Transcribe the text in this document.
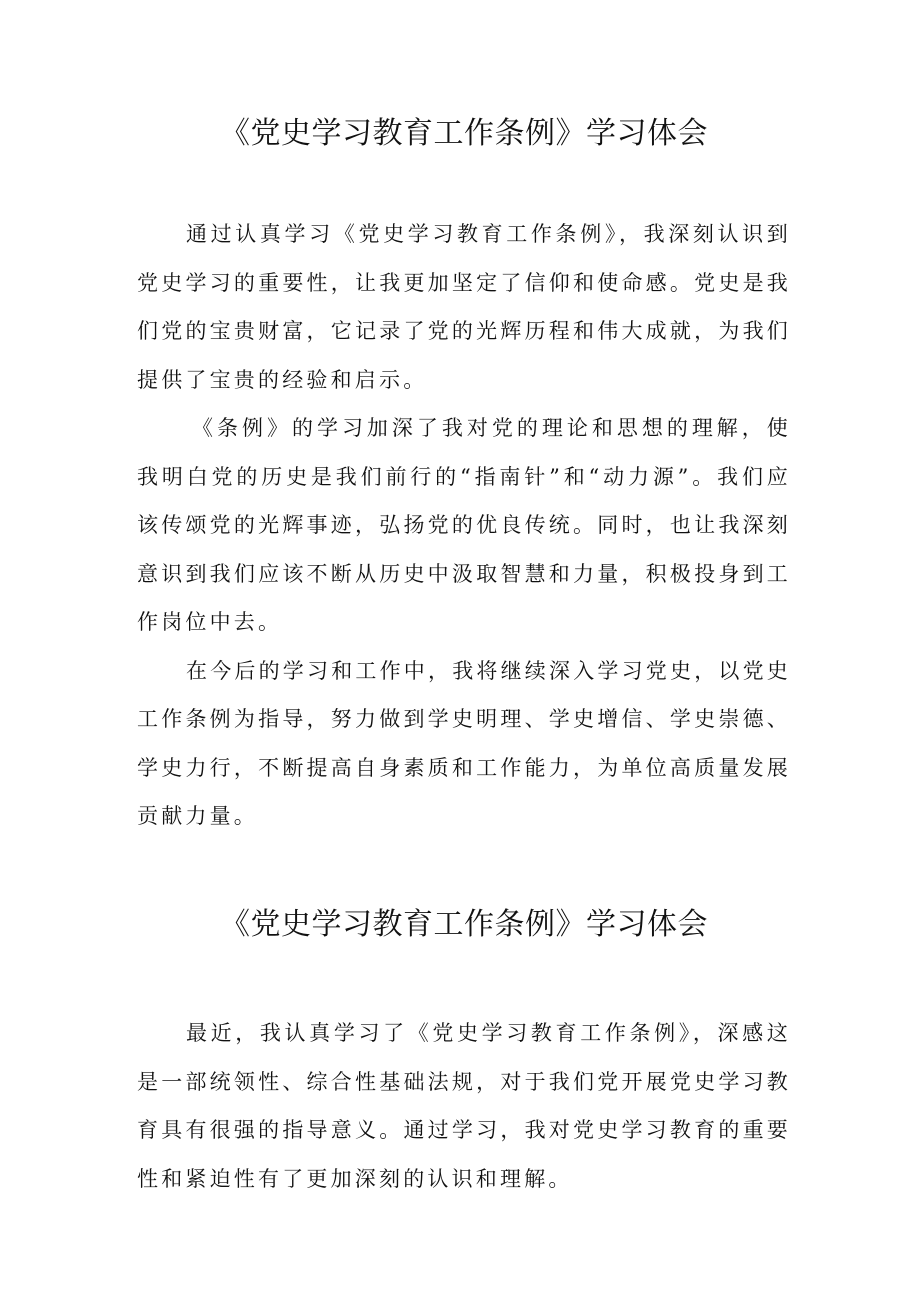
《党史学习教育工作条例》学习体会

通过认真学习《党史学习教育工作条例》，我深刻认识到党史学习的重要性，让我更加坚定了信仰和使命感。党史是我们党的宝贵财富，它记录了党的光辉历程和伟大成就，为我们提供了宝贵的经验和启示。

《条例》的学习加深了我对党的理论和思想的理解，使我明白党的历史是我们前行的“指南针”和“动力源”。我们应该传颂党的光辉事迹，弘扬党的优良传统。同时，也让我深刻意识到我们应该不断从历史中汲取智慧和力量，积极投身到工作岗位中去。

在今后的学习和工作中，我将继续深入学习党史，以党史工作条例为指导，努力做到学史明理、学史增信、学史崇德、学史力行，不断提高自身素质和工作能力，为单位高质量发展贡献力量。

《党史学习教育工作条例》学习体会

最近，我认真学习了《党史学习教育工作条例》，深感这是一部统领性、综合性基础法规，对于我们党开展党史学习教育具有很强的指导意义。通过学习，我对党史学习教育的重要性和紧迫性有了更加深刻的认识和理解。
